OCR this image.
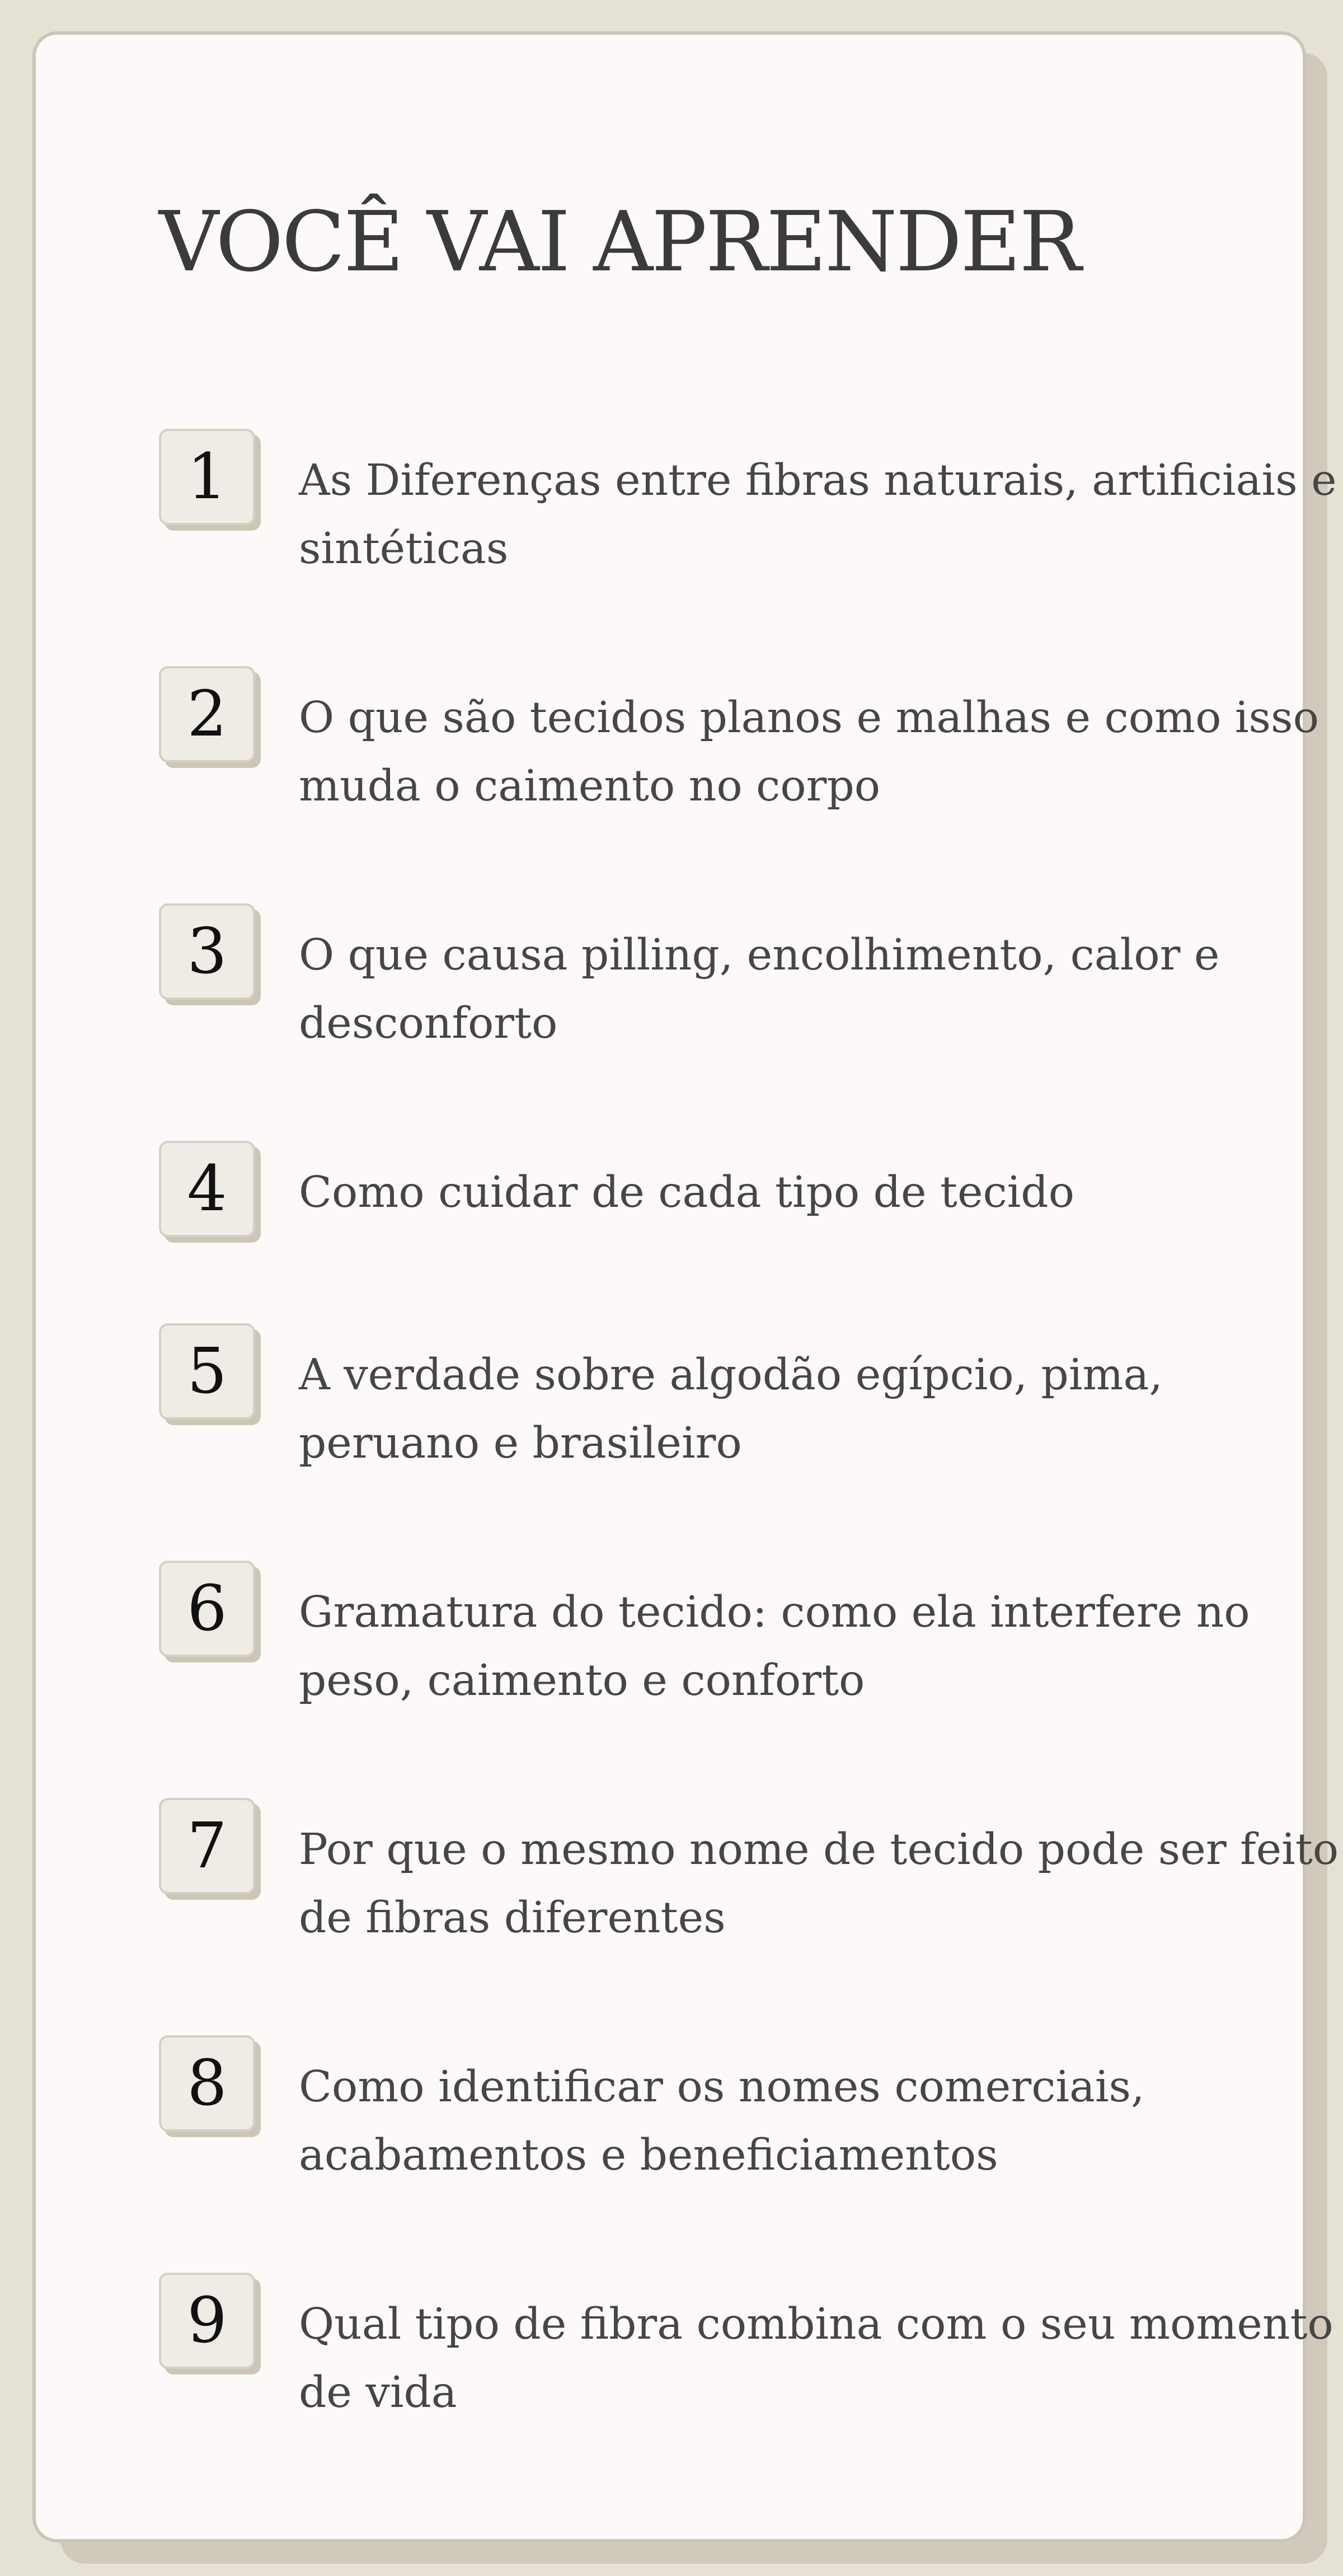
VOCÊ VAI APRENDER
1	As Diferenças entre fibras naturais, artificiais e sintéticas

2	O que são tecidos planos e malhas e como isso muda o caimento no corpo

3	O que causa pilling, encolhimento, calor e desconforto

4	Como cuidar de cada tipo de tecido

5	A verdade sobre algodão egípcio, pima, peruano e brasileiro

6	Gramatura do tecido: como ela interfere no peso, caimento e conforto

7	Por que o mesmo nome de tecido pode ser feito de fibras diferentes

8	Como identificar os nomes comerciais, acabamentos e beneficiamentos

9	Qual tipo de fibra combina com o seu momento de vida
